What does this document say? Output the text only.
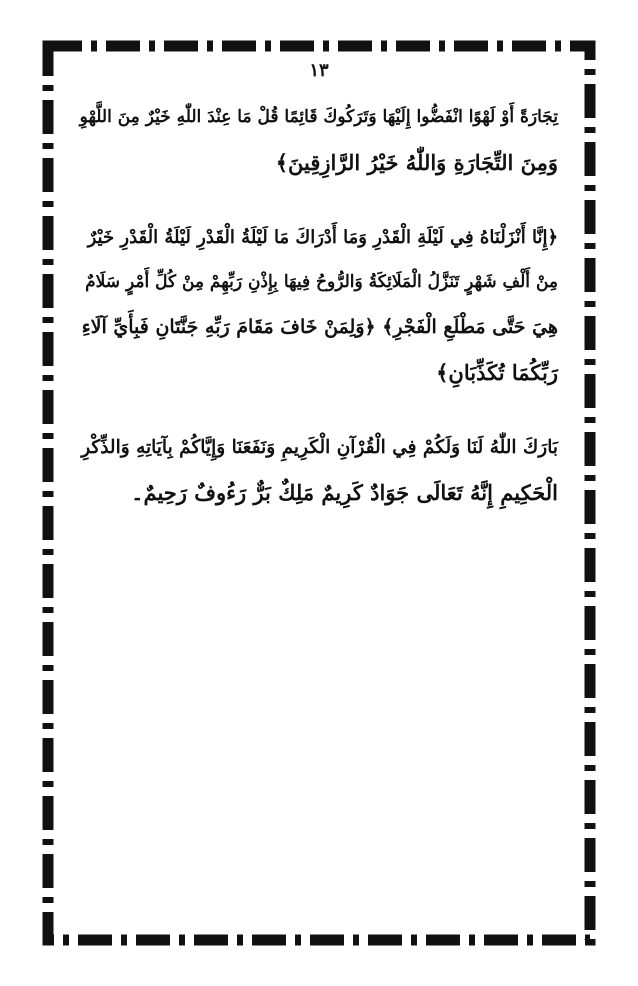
١٣
تِجَارَةً أَوْ لَهْوًا انْفَضُّوا إِلَيْهَا وَتَرَكُوكَ قَائِمًا قُلْ مَا عِنْدَ اللّٰهِ خَيْرٌ مِنَ اللَّهْوِ
وَمِنَ التِّجَارَةِ وَاللّٰهُ خَيْرُ الرَّازِقِينَ﴾
﴿إِنَّا أَنْزَلْنَاهُ فِي لَيْلَةِ الْقَدْرِ وَمَا أَدْرَاكَ مَا لَيْلَةُ الْقَدْرِ لَيْلَةُ الْقَدْرِ خَيْرٌ
مِنْ أَلْفِ شَهْرٍ تَنَزَّلُ الْمَلَائِكَةُ وَالرُّوحُ فِيهَا بِإِذْنِ رَبِّهِمْ مِنْ كُلِّ أَمْرٍ سَلَامٌ
هِيَ حَتَّى مَطْلَعِ الْفَجْرِ﴾ ﴿وَلِمَنْ خَافَ مَقَامَ رَبِّهِ جَنَّتَانِ فَبِأَيِّ آلَاءِ
رَبِّكُمَا تُكَذِّبَانِ﴾
بَارَكَ اللّٰهُ لَنَا وَلَكُمْ فِي الْقُرْآنِ الْكَرِيمِ وَنَفَعَنَا وَإِيَّاكُمْ بِآيَاتِهِ وَالذِّكْرِ
الْحَكِيمِ إِنَّهُ تَعَالَى جَوَادٌ كَرِيمٌ مَلِكٌ بَرٌّ رَءُوفٌ رَحِيمٌ۔
